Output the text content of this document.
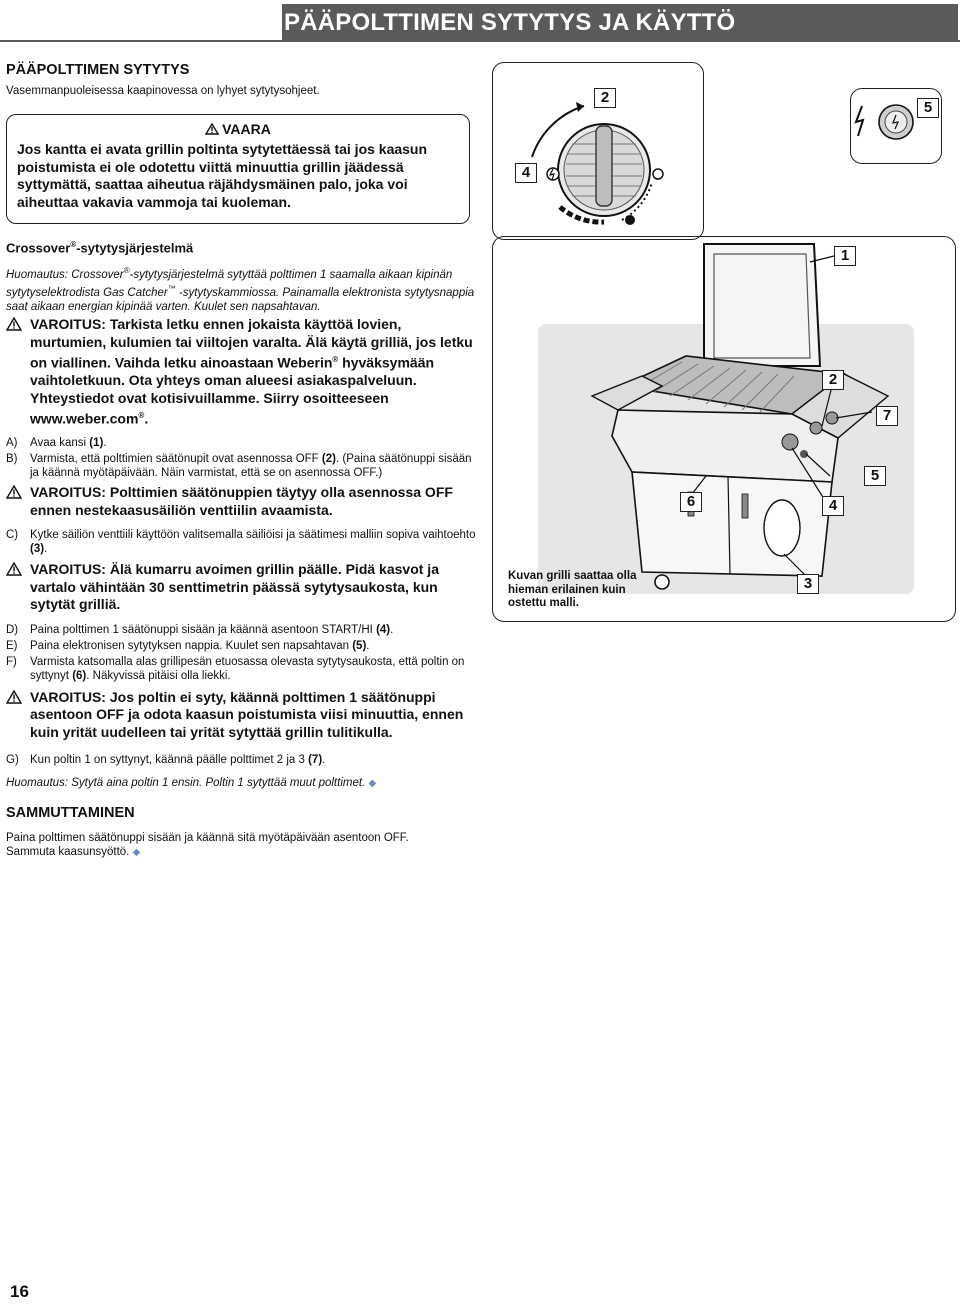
PÄÄPOLTTIMEN SYTYTYS JA KÄYTTÖ
PÄÄPOLTTIMEN SYTYTYS
Vasemmanpuoleisessa kaapinovessa on lyhyet sytytysohjeet.
VAARA
Jos kantta ei avata grillin poltinta sytytettäessä tai jos kaasun poistumista ei ole odotettu viittä minuuttia grillin jäädessä syttymättä, saattaa aiheutua räjähdysmäinen palo, joka voi aiheuttaa vakavia vammoja tai kuoleman.
Crossover®-sytytysjärjestelmä
Huomautus: Crossover®-sytytysjärjestelmä sytyttää polttimen 1 saamalla aikaan kipinän sytytyselektrodista Gas Catcher™ -sytytyskammiossa. Painamalla elektronista sytytysnappia saat aikaan energian kipinää varten. Kuulet sen napsahtavan.
VAROITUS: Tarkista letku ennen jokaista käyttöä lovien, murtumien, kulumien tai viiltojen varalta. Älä käytä grilliä, jos letku on viallinen. Vaihda letku ainoastaan Weberin® hyväksymään vaihtoletkuun. Ota yhteys oman alueesi asiakaspalveluun. Yhteystiedot ovat kotisivuillamme. Siirry osoitteeseen www.weber.com®.
A) Avaa kansi (1).
B) Varmista, että polttimien säätönupit ovat asennossa OFF (2). (Paina säätönuppi sisään ja käännä myötäpäivään. Näin varmistat, että se on asennossa OFF.)
VAROITUS: Polttimien säätönuppien täytyy olla asennossa OFF ennen nestekaasusäiliön venttiilin avaamista.
C) Kytke säiliön venttiili käyttöön valitsemalla säiliöisi ja säätimesi malliin sopiva vaihtoehto (3).
VAROITUS: Älä kumarru avoimen grillin päälle. Pidä kasvot ja vartalo vähintään 30 senttimetrin päässä sytytysaukosta, kun sytytät grilliä.
D) Paina polttimen 1 säätönuppi sisään ja käännä asentoon START/HI (4).
E) Paina elektronisen sytytyksen nappia. Kuulet sen napsahtavan (5).
F) Varmista katsomalla alas grillipesän etuosassa olevasta sytytysaukosta, että poltin on syttynyt (6). Näkyvissä pitäisi olla liekki.
VAROITUS: Jos poltin ei syty, käännä polttimen 1 säätönuppi asentoon OFF ja odota kaasun poistumista viisi minuuttia, ennen kuin yrität uudelleen tai yrität sytyttää grillin tulitikulla.
G) Kun poltin 1 on syttynyt, käännä päälle polttimet 2 ja 3 (7).
Huomautus: Sytytä aina poltin 1 ensin. Poltin 1 sytyttää muut polttimet. ◆
SAMMUTTAMINEN
Paina polttimen säätönuppi sisään ja käännä sitä myötäpäivään asentoon OFF. Sammuta kaasunsyöttö. ◆
2
4
5
1
2
7
5
6	4
3
Kuvan grilli saattaa olla hieman erilainen kuin ostettu malli.
16
